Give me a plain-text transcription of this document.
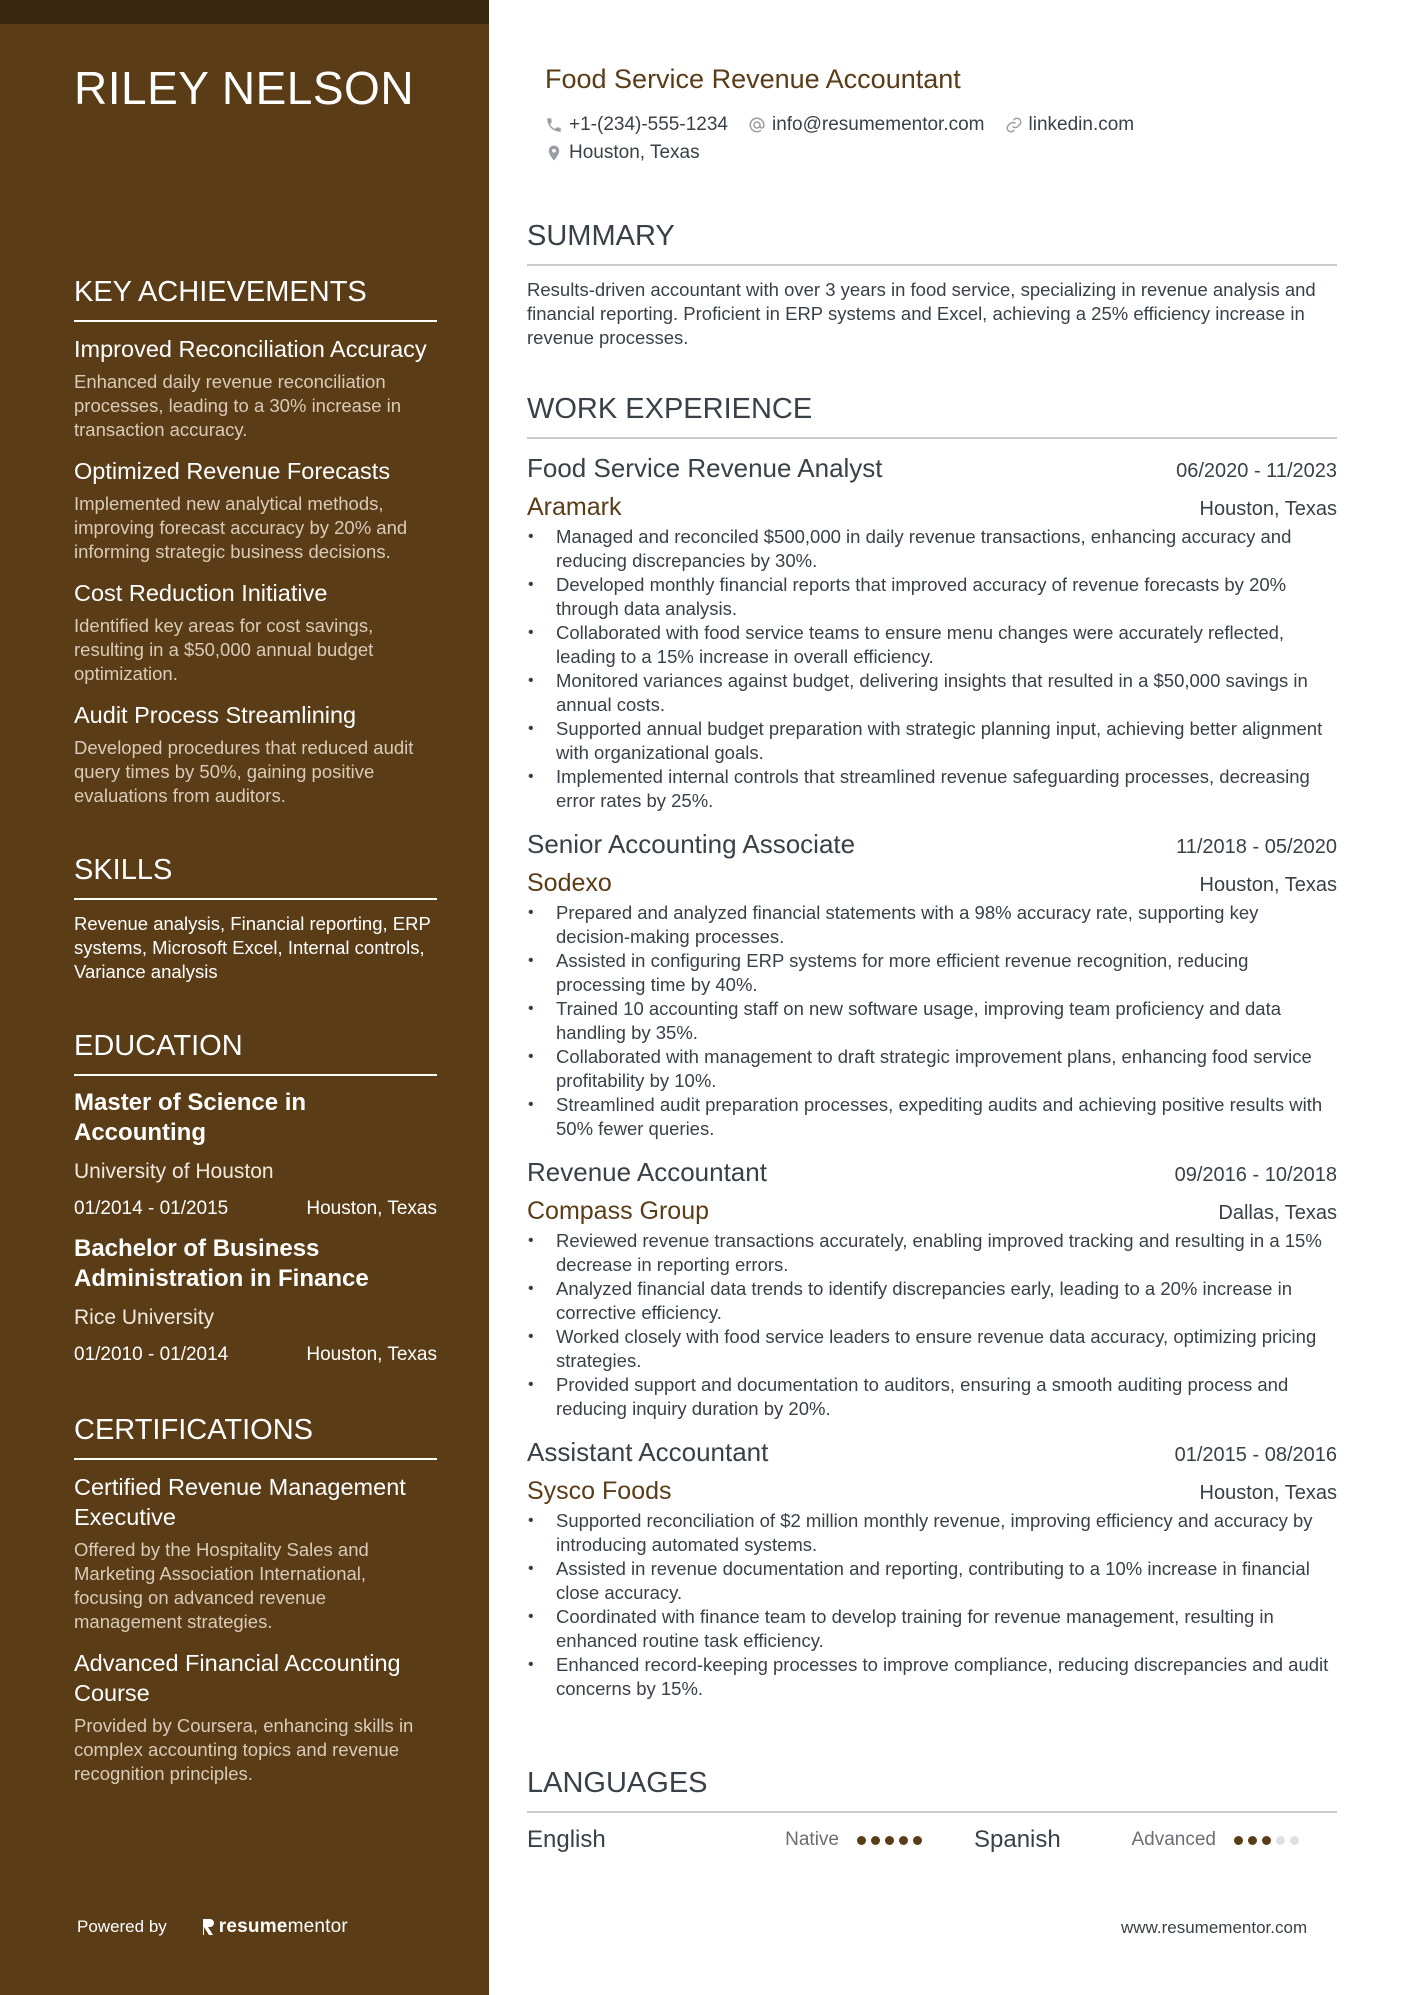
RILEY NELSON
KEY ACHIEVEMENTS
Improved Reconciliation Accuracy
Enhanced daily revenue reconciliation processes, leading to a 30% increase in transaction accuracy.
Optimized Revenue Forecasts
Implemented new analytical methods, improving forecast accuracy by 20% and informing strategic business decisions.
Cost Reduction Initiative
Identified key areas for cost savings, resulting in a $50,000 annual budget optimization.
Audit Process Streamlining
Developed procedures that reduced audit query times by 50%, gaining positive evaluations from auditors.
SKILLS
Revenue analysis, Financial reporting, ERP systems, Microsoft Excel, Internal controls, Variance analysis
EDUCATION
Master of Science in Accounting
University of Houston
01/2014 - 01/2015	Houston, Texas
Bachelor of Business Administration in Finance
Rice University
01/2010 - 01/2014	Houston, Texas
CERTIFICATIONS
Certified Revenue Management Executive
Offered by the Hospitality Sales and Marketing Association International, focusing on advanced revenue management strategies.
Advanced Financial Accounting Course
Provided by Coursera, enhancing skills in complex accounting topics and revenue recognition principles.
Powered by	resume mentor
Food Service Revenue Accountant
+1-(234)-555-1234 info@resumementor.com linkedin.com
Houston, Texas
SUMMARY
Results-driven accountant with over 3 years in food service, specializing in revenue analysis and financial reporting. Proficient in ERP systems and Excel, achieving a 25% efficiency increase in revenue processes.
WORK EXPERIENCE
Food Service Revenue Analyst	06/2020 - 11/2023
Aramark	Houston, Texas
• Managed and reconciled $500,000 in daily revenue transactions, enhancing accuracy and reducing discrepancies by 30%.
• Developed monthly financial reports that improved accuracy of revenue forecasts by 20% through data analysis.
• Collaborated with food service teams to ensure menu changes were accurately reflected, leading to a 15% increase in overall efficiency.
• Monitored variances against budget, delivering insights that resulted in a $50,000 savings in annual costs.
• Supported annual budget preparation with strategic planning input, achieving better alignment with organizational goals.
• Implemented internal controls that streamlined revenue safeguarding processes, decreasing error rates by 25%.
Senior Accounting Associate	11/2018 - 05/2020
Sodexo	Houston, Texas
• Prepared and analyzed financial statements with a 98% accuracy rate, supporting key decision-making processes.
• Assisted in configuring ERP systems for more efficient revenue recognition, reducing processing time by 40%.
• Trained 10 accounting staff on new software usage, improving team proficiency and data handling by 35%.
• Collaborated with management to draft strategic improvement plans, enhancing food service profitability by 10%.
• Streamlined audit preparation processes, expediting audits and achieving positive results with 50% fewer queries.
Revenue Accountant	09/2016 - 10/2018
Compass Group	Dallas, Texas
• Reviewed revenue transactions accurately, enabling improved tracking and resulting in a 15% decrease in reporting errors.
• Analyzed financial data trends to identify discrepancies early, leading to a 20% increase in corrective efficiency.
• Worked closely with food service leaders to ensure revenue data accuracy, optimizing pricing strategies.
• Provided support and documentation to auditors, ensuring a smooth auditing process and reducing inquiry duration by 20%.
Assistant Accountant	01/2015 - 08/2016
Sysco Foods	Houston, Texas
• Supported reconciliation of $2 million monthly revenue, improving efficiency and accuracy by introducing automated systems.
• Assisted in revenue documentation and reporting, contributing to a 10% increase in financial close accuracy.
• Coordinated with finance team to develop training for revenue management, resulting in enhanced routine task efficiency.
• Enhanced record-keeping processes to improve compliance, reducing discrepancies and audit concerns by 15%.
LANGUAGES
English	Native	Spanish	Advanced
www.resumementor.com
